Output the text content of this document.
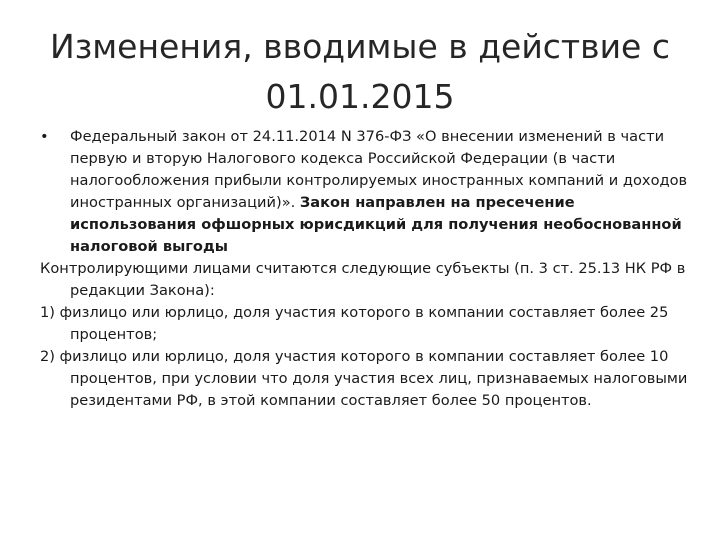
Изменения, вводимые в действие с
01.01.2015

•	Федеральный закон от 24.11.2014 N 376-ФЗ «О внесении изменений в части первую и вторую Налогового кодекса Российской Федерации (в части налогообложения прибыли контролируемых иностранных компаний и доходов иностранных организаций)». Закон направлен на пресечение использования офшорных юрисдикций для получения необоснованной налоговой выгоды

Контролирующими лицами считаются следующие субъекты (п. 3 ст. 25.13 НК РФ в редакции Закона):

1) физлицо или юрлицо, доля участия которого в компании составляет более 25 процентов;

2) физлицо или юрлицо, доля участия которого в компании составляет более 10 процентов, при условии что доля участия всех лиц, признаваемых налоговыми резидентами РФ, в этой компании составляет более 50 процентов.
